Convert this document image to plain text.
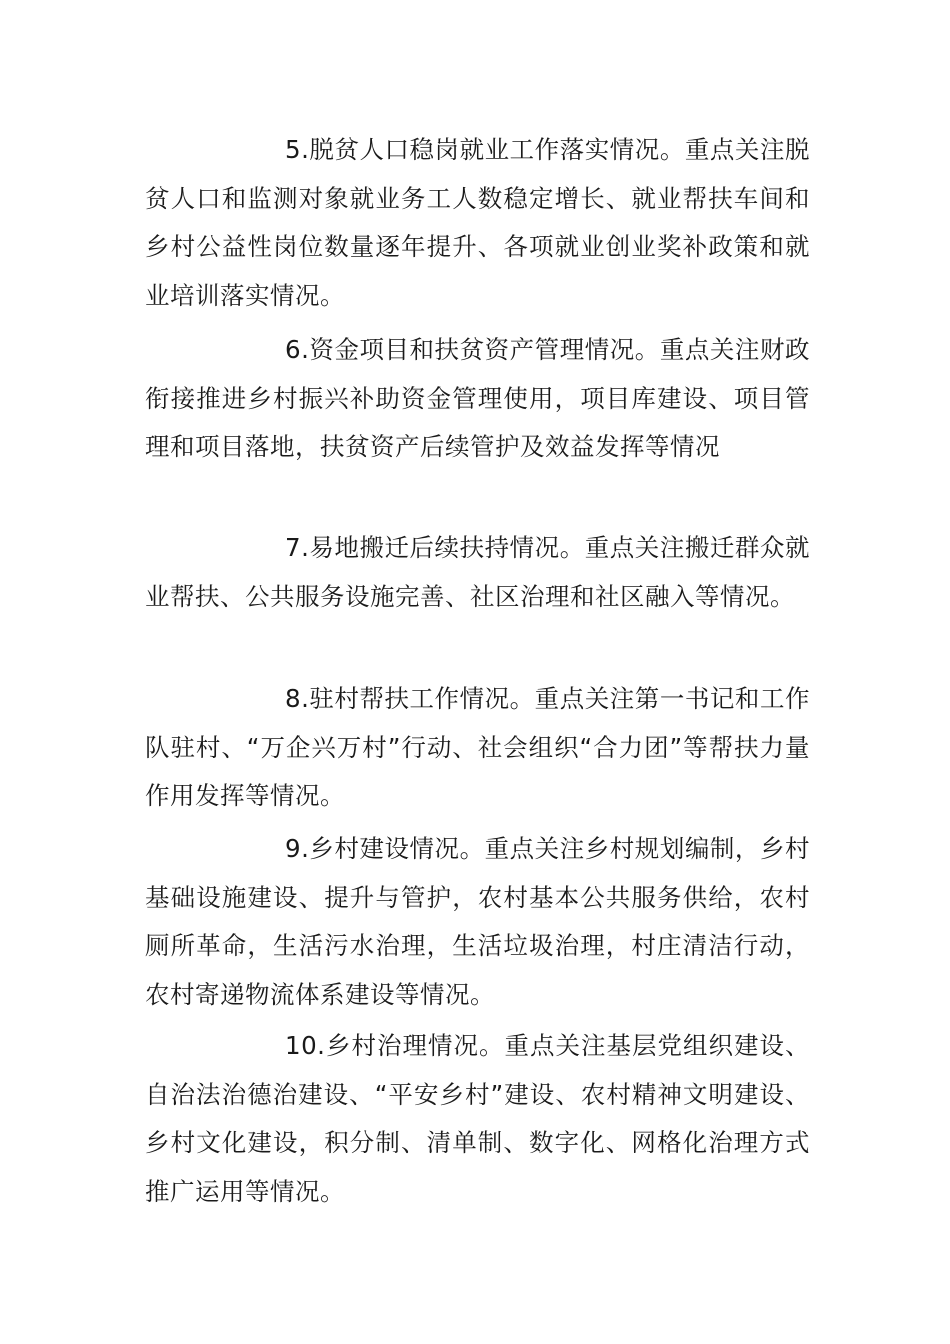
5.脱贫人口稳岗就业工作落实情况。重点关注脱贫人口和监测对象就业务工人数稳定增长、就业帮扶车间和乡村公益性岗位数量逐年提升、各项就业创业奖补政策和就业培训落实情况。

6.资金项目和扶贫资产管理情况。重点关注财政衔接推进乡村振兴补助资金管理使用，项目库建设、项目管理和项目落地，扶贫资产后续管护及效益发挥等情况

7.易地搬迁后续扶持情况。重点关注搬迁群众就业帮扶、公共服务设施完善、社区治理和社区融入等情况。

8.驻村帮扶工作情况。重点关注第一书记和工作队驻村、“万企兴万村”行动、社会组织“合力团”等帮扶力量作用发挥等情况。

9.乡村建设情况。重点关注乡村规划编制，乡村基础设施建设、提升与管护，农村基本公共服务供给，农村厕所革命，生活污水治理，生活垃圾治理，村庄清洁行动，农村寄递物流体系建设等情况。

10.乡村治理情况。重点关注基层党组织建设、自治法治德治建设、“平安乡村”建设、农村精神文明建设、乡村文化建设，积分制、清单制、数字化、网格化治理方式推广运用等情况。
